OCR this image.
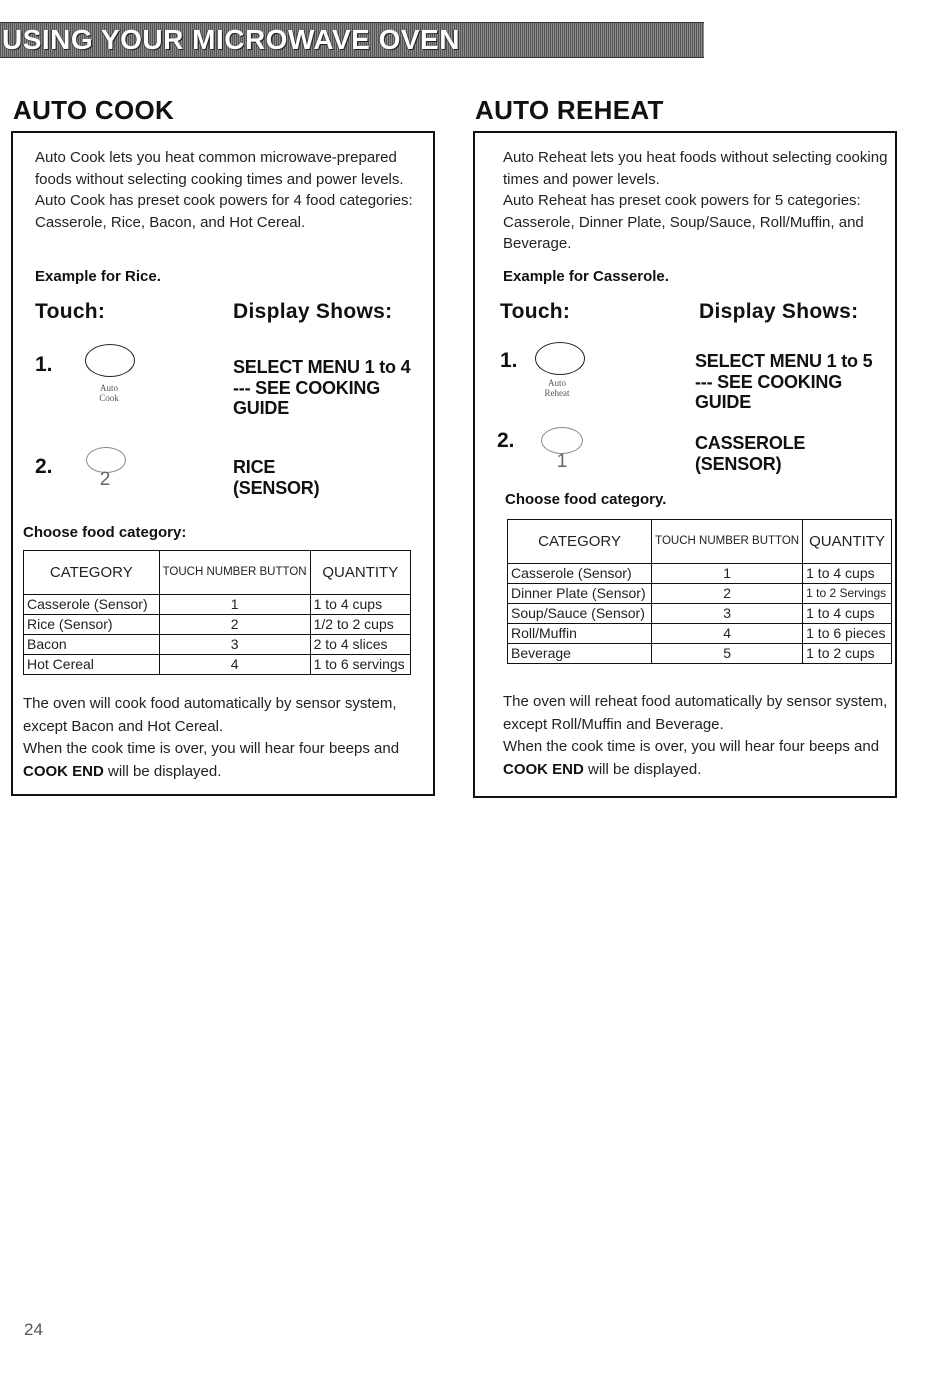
USING YOUR MICROWAVE OVEN
AUTO COOK
Auto Cook lets you heat common microwave-prepared foods without selecting cooking times and power levels. Auto Cook has preset cook powers for 4 food categories: Casserole, Rice, Bacon, and Hot Cereal.
Example for Rice.
Touch:	Display Shows:
1.
Auto
Cook
SELECT MENU 1 to 4
--- SEE COOKING
GUIDE
2.
2
RICE
(SENSOR)
Choose food category:
CATEGORY	TOUCH NUMBER BUTTON	QUANTITY
Casserole (Sensor)	1	1 to 4 cups
Rice (Sensor)	2	1/2 to 2 cups
Bacon	3	2 to 4 slices
Hot Cereal	4	1 to 6 servings
The oven will cook food automatically by sensor system, except Bacon and Hot Cereal.
When the cook time is over, you will hear four beeps and COOK END will be displayed.
AUTO REHEAT
Auto Reheat lets you heat foods without selecting cooking times and power levels.
Auto Reheat has preset cook powers for 5 categories: Casserole, Dinner Plate, Soup/Sauce, Roll/Muffin, and Beverage.
Example for Casserole.
Touch:	Display Shows:
1.
Auto
Reheat
SELECT MENU 1 to 5
--- SEE COOKING
GUIDE
2.
1
CASSEROLE
(SENSOR)
Choose food category.
CATEGORY	TOUCH NUMBER BUTTON	QUANTITY
Casserole (Sensor)	1	1 to 4 cups
Dinner Plate (Sensor)	2	1 to 2 Servings
Soup/Sauce (Sensor)	3	1 to 4 cups
Roll/Muffin	4	1 to 6 pieces
Beverage	5	1 to 2 cups
The oven will reheat food automatically by sensor system, except Roll/Muffin and Beverage.
When the cook time is over, you will hear four beeps and COOK END will be displayed.
24
